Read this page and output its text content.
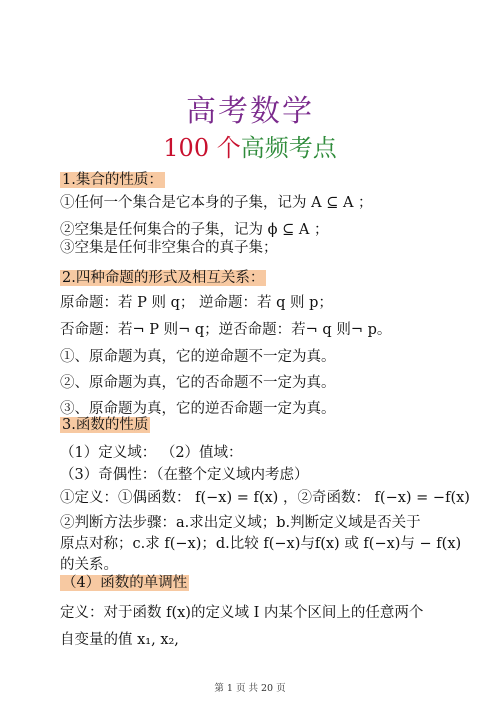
高考数学
100 个高频考点
1.集合的性质：
①任何一个集合是它本身的子集，记为 A ⊆ A ；
②空集是任何集合的子集，记为 ϕ ⊆ A ；
③空集是任何非空集合的真子集；
2.四种命题的形式及相互关系：
原命题：若 P 则 q； 逆命题：若 q 则 p；
否命题：若¬ P 则¬ q；逆否命题：若¬ q 则¬ p。
①、原命题为真，它的逆命题不一定为真。
②、原命题为真，它的否命题不一定为真。
③、原命题为真，它的逆否命题一定为真。
3.函数的性质
（1）定义域： （2）值域：
（3）奇偶性：（在整个定义域内考虑）
①定义：①偶函数： f(−x) = f(x) ，②奇函数： f(−x) = −f(x)
②判断方法步骤：a.求出定义域；b.判断定义域是否关于
原点对称；c.求 f(−x)；d.比较 f(−x)与f(x) 或 f(−x)与 − f(x)
的关系。
（4）函数的单调性
定义：对于函数 f(x)的定义域 I 内某个区间上的任意两个
自变量的值 x₁, x₂,
第 1 页 共 20 页
